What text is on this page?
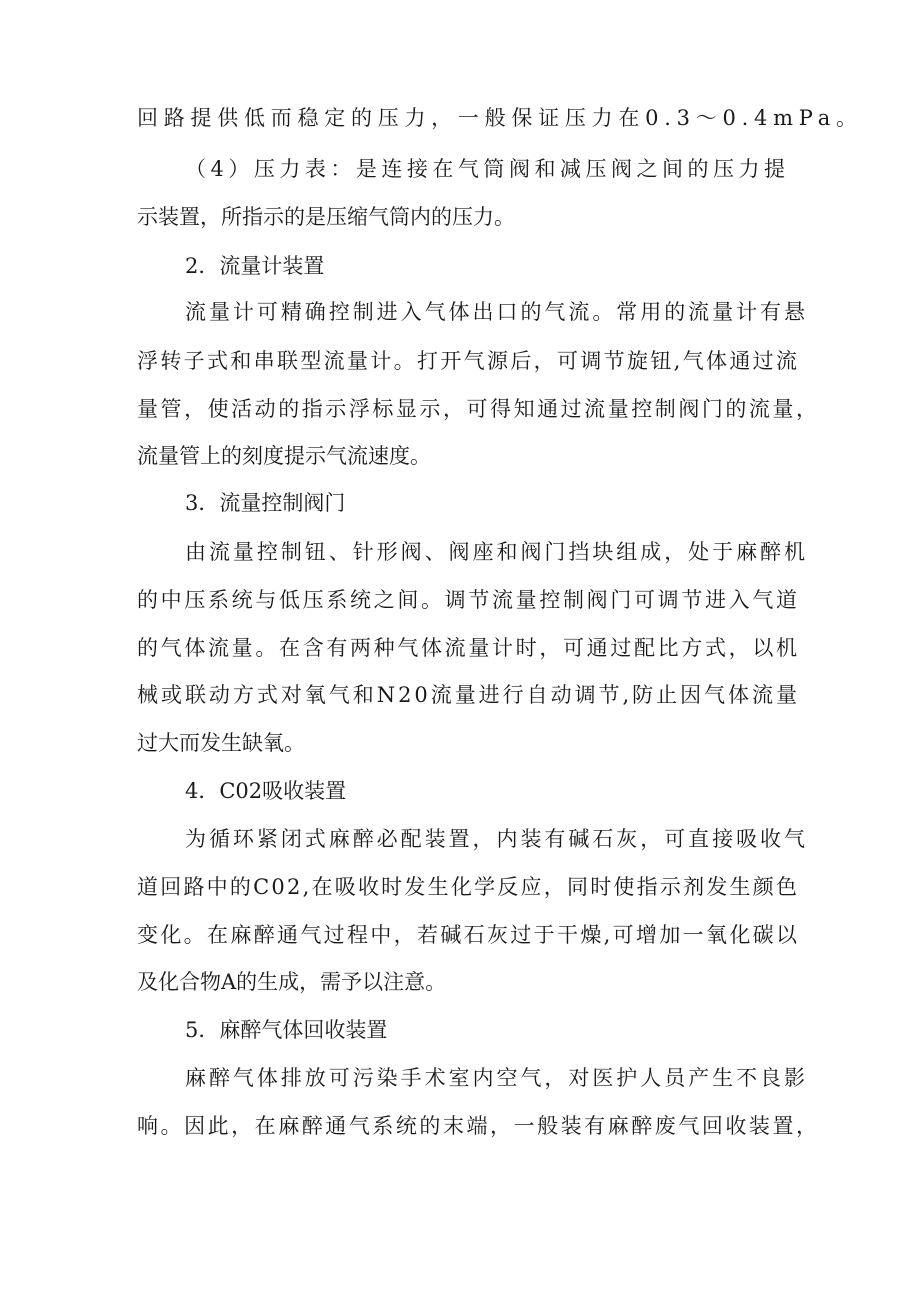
回路提供低而稳定的压力，一般保证压力在0.3～0.4mPa。
（4）压力表：是连接在气筒阀和减压阀之间的压力提
示装置，所指示的是压缩气筒内的压力。
2．流量计装置
流量计可精确控制进入气体出口的气流。常用的流量计有悬
浮转子式和串联型流量计。打开气源后，可调节旋钮,气体通过流
量管，使活动的指示浮标显示，可得知通过流量控制阀门的流量，
流量管上的刻度提示气流速度。
3．流量控制阀门
由流量控制钮、针形阀、阀座和阀门挡块组成，处于麻醉机
的中压系统与低压系统之间。调节流量控制阀门可调节进入气道
的气体流量。在含有两种气体流量计时，可通过配比方式，以机
械或联动方式对氧气和N20流量进行自动调节,防止因气体流量
过大而发生缺氧。
4．C02吸收装置
为循环紧闭式麻醉必配装置，内装有碱石灰，可直接吸收气
道回路中的C02,在吸收时发生化学反应，同时使指示剂发生颜色
变化。在麻醉通气过程中，若碱石灰过于干燥,可增加一氧化碳以
及化合物A的生成，需予以注意。
5．麻醉气体回收装置
麻醉气体排放可污染手术室内空气，对医护人员产生不良影
响。因此，在麻醉通气系统的末端，一般装有麻醉废气回收装置，
